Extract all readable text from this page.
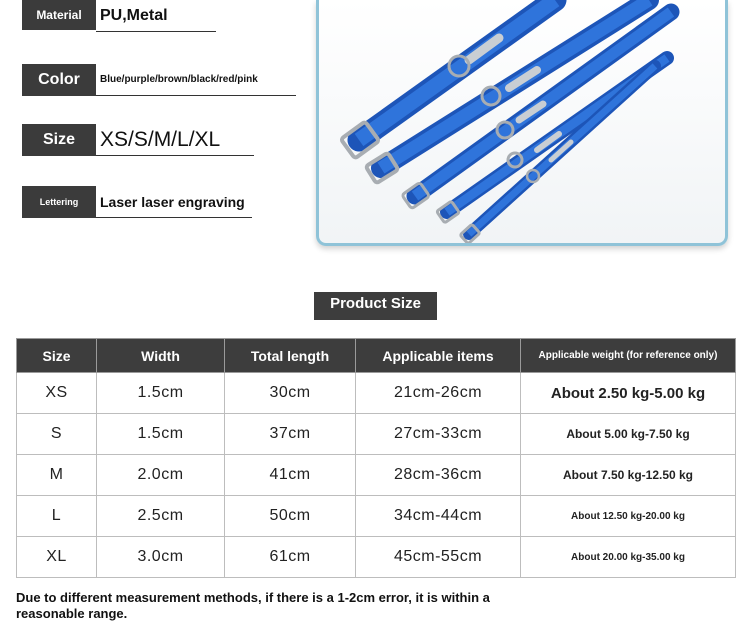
Material	PU,Metal
Color	Blue/purple/brown/black/red/pink
Size	XS/S/M/L/XL
Lettering	Laser laser engraving
Product Size
Size	Width	Total length	Applicable items	Applicable weight (for reference only)
XS	1.5cm	30cm	21cm-26cm	About 2.50 kg-5.00 kg
S	1.5cm	37cm	27cm-33cm	About 5.00 kg-7.50 kg
M	2.0cm	41cm	28cm-36cm	About 7.50 kg-12.50 kg
L	2.5cm	50cm	34cm-44cm	About 12.50 kg-20.00 kg
XL	3.0cm	61cm	45cm-55cm	About 20.00 kg-35.00 kg
Due to different measurement methods, if there is a 1-2cm error, it is within a reasonable range.
